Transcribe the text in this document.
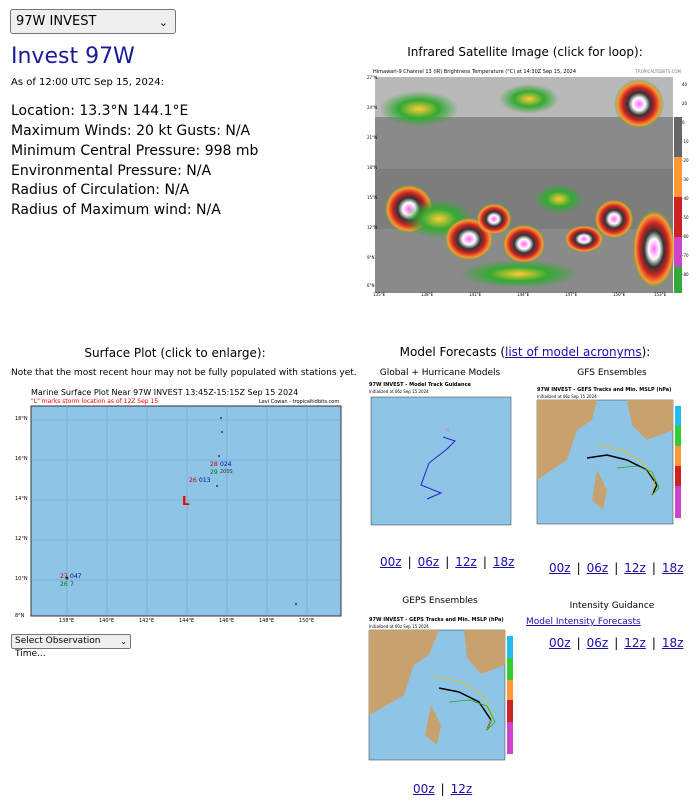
97W INVEST	⌄
Invest 97W
As of 12:00 UTC Sep 15, 2024:
Location: 13.3°N 144.1°E
Maximum Winds: 20 kt Gusts: N/A
Minimum Central Pressure: 998 mb
Environmental Pressure: N/A
Radius of Circulation: N/A
Radius of Maximum wind: N/A
Infrared Satellite Image (click for loop):
Himawari-9 Channel 13 (IR) Brightness Temperature (°C) at 14:30Z Sep 15, 2024	TROPICALTIDBITS.COM
27°N
24°N
21°N
18°N
15°N
12°N
9°N
6°N
135°E	138°E	141°E	144°E	147°E	150°E	153°E
40
20
0
-10
-20
-30
-40
-50
-60
-70
-80
Surface Plot (click to enlarge):
Note that the most recent hour may not be fully populated with stations yet.
Marine Surface Plot Near 97W INVEST 13:45Z-15:15Z Sep 15 2024
"L" marks storm location as of 12Z Sep 15	Levi Cowan - tropicaltidbits.com
L
28 024
29 200S
26 013
27 047
26 7
18°N
16°N
14°N
12°N
10°N
8°N
138°E	140°E	142°E	144°E	146°E	148°E	150°E
Select Observation Time...
⌄
Model Forecasts (list of model acronyms):
Global + Hurricane Models
97W INVEST - Model Track Guidance
Initialized at 06z Sep 15 2024
00z | 06z | 12z | 18z
GFS Ensembles
97W INVEST - GEFS Tracks and Min. MSLP (hPa)
Initialized at 06z Sep 15 2024
00z | 06z | 12z | 18z
GEPS Ensembles
97W INVEST - GEPS Tracks and Min. MSLP (hPa)
Initialized at 00z Sep 15 2024
00z | 12z
Intensity Guidance
Model Intensity Forecasts
00z | 06z | 12z | 18z
